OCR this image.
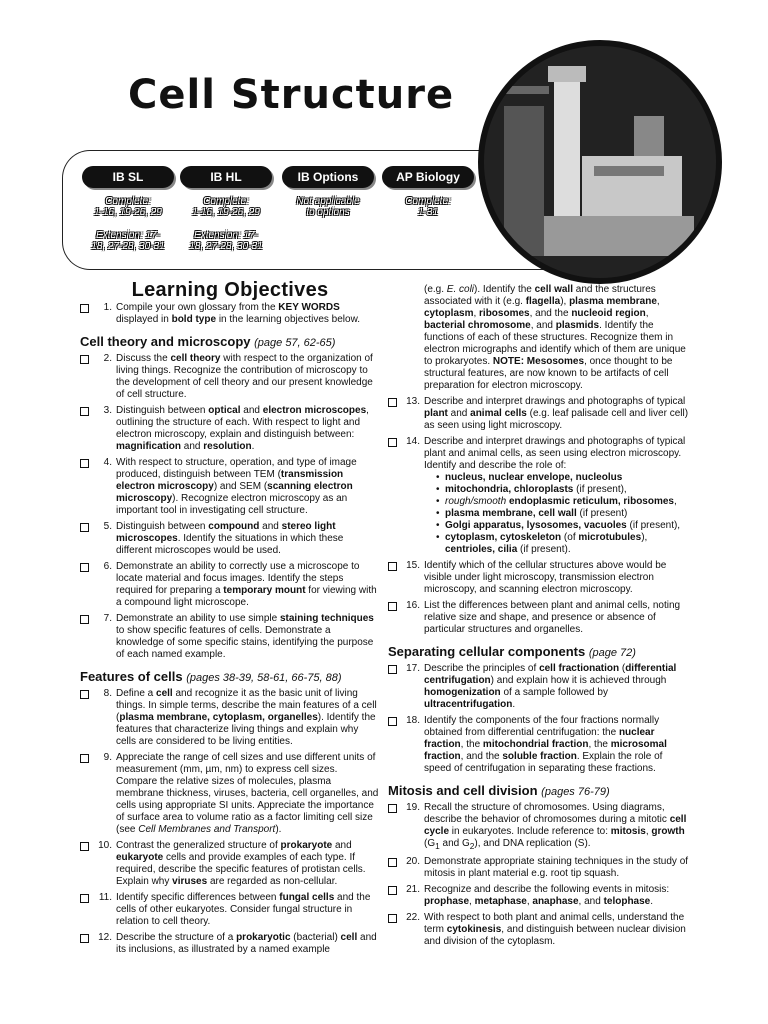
Cell Structure
IB SL
Complete:
1-16, 19-26, 29
Extension: 17-
18, 27-28, 30-31
IB HL
Complete:
1-16, 19-26, 29
Extension: 17-
18, 27-28, 30-31
IB Options
Not applicable
to options
AP Biology
Complete:
1-31
Learning Objectives
1. Compile your own glossary from the KEY WORDS displayed in bold type in the learning objectives below.
Cell theory and microscopy (page 57, 62-65)
2. Discuss the cell theory with respect to the organization of living things. Recognize the contribution of microscopy to the development of cell theory and our present knowledge of cell structure.
3. Distinguish between optical and electron microscopes, outlining the structure of each. With respect to light and electron microscopy, explain and distinguish between: magnification and resolution.
4. With respect to structure, operation, and type of image produced, distinguish between TEM (transmission electron microscopy) and SEM (scanning electron microscopy). Recognize electron microscopy as an important tool in investigating cell structure.
5. Distinguish between compound and stereo light microscopes. Identify the situations in which these different microscopes would be used.
6. Demonstrate an ability to correctly use a microscope to locate material and focus images. Identify the steps required for preparing a temporary mount for viewing with a compound light microscope.
7. Demonstrate an ability to use simple staining techniques to show specific features of cells. Demonstrate a knowledge of some specific stains, identifying the purpose of each named example.
Features of cells (pages 38-39, 58-61, 66-75, 88)
8. Define a cell and recognize it as the basic unit of living things. In simple terms, describe the main features of a cell (plasma membrane, cytoplasm, organelles). Identify the features that characterize living things and explain why cells are considered to be living entities.
9. Appreciate the range of cell sizes and use different units of measurement (mm, µm, nm) to express cell sizes. Compare the relative sizes of molecules, plasma membrane thickness, viruses, bacteria, cell organelles, and cells using appropriate SI units. Appreciate the importance of surface area to volume ratio as a factor limiting cell size (see Cell Membranes and Transport).
10. Contrast the generalized structure of prokaryote and eukaryote cells and provide examples of each type. If required, describe the specific features of protistan cells. Explain why viruses are regarded as non-cellular.
11. Identify specific differences between fungal cells and the cells of other eukaryotes. Consider fungal structure in relation to cell theory.
12. Describe the structure of a prokaryotic (bacterial) cell and its inclusions, as illustrated by a named example
(e.g. E. coli). Identify the cell wall and the structures associated with it (e.g. flagella), plasma membrane, cytoplasm, ribosomes, and the nucleoid region, bacterial chromosome, and plasmids. Identify the functions of each of these structures. Recognize them in electron micrographs and identify which of them are unique to prokaryotes. NOTE: Mesosomes, once thought to be structural features, are now known to be artifacts of cell preparation for electron microscopy.
13. Describe and interpret drawings and photographs of typical plant and animal cells (e.g. leaf palisade cell and liver cell) as seen using light microscopy.
14. Describe and interpret drawings and photographs of typical plant and animal cells, as seen using electron microscopy. Identify and describe the role of:
• nucleus, nuclear envelope, nucleolus
• mitochondria, chloroplasts (if present),
• rough/smooth endoplasmic reticulum, ribosomes,
• plasma membrane, cell wall (if present)
• Golgi apparatus, lysosomes, vacuoles (if present),
• cytoplasm, cytoskeleton (of microtubules), centrioles, cilia (if present).
15. Identify which of the cellular structures above would be visible under light microscopy, transmission electron microscopy, and scanning electron microscopy.
16. List the differences between plant and animal cells, noting relative size and shape, and presence or absence of particular structures and organelles.
Separating cellular components (page 72)
17. Describe the principles of cell fractionation (differential centrifugation) and explain how it is achieved through homogenization of a sample followed by ultracentrifugation.
18. Identify the components of the four fractions normally obtained from differential centrifugation: the nuclear fraction, the mitochondrial fraction, the microsomal fraction, and the soluble fraction. Explain the role of speed of centrifugation in separating these fractions.
Mitosis and cell division (pages 76-79)
19. Recall the structure of chromosomes. Using diagrams, describe the behavior of chromosomes during a mitotic cell cycle in eukaryotes. Include reference to: mitosis, growth ($G_1$ and $G_2$), and DNA replication (S).
20. Demonstrate appropriate staining techniques in the study of mitosis in plant material e.g. root tip squash.
21. Recognize and describe the following events in mitosis: prophase, metaphase, anaphase, and telophase.
22. With respect to both plant and animal cells, understand the term cytokinesis, and distinguish between nuclear division and division of the cytoplasm.
